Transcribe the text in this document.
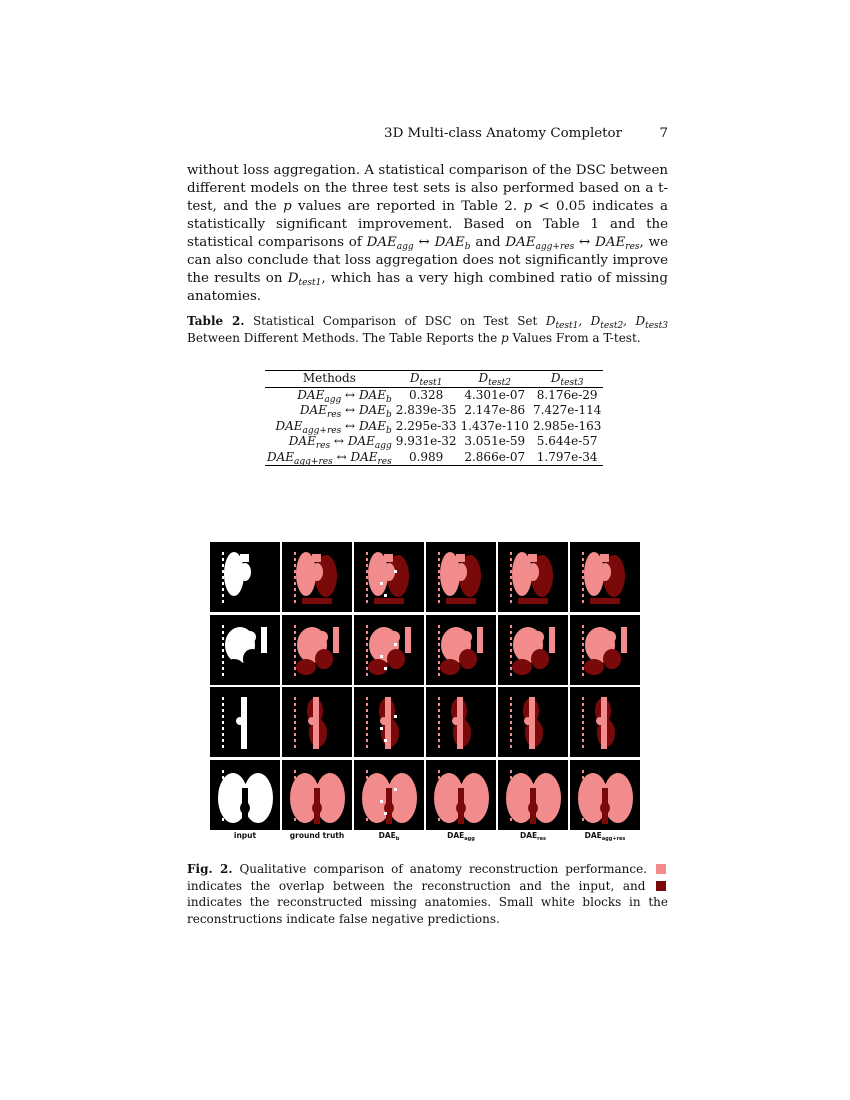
3D Multi-class Anatomy Completor	7
without loss aggregation. A statistical comparison of the DSC between different models on the three test sets is also performed based on a t-test, and the p values are reported in Table 2. p < 0.05 indicates a statistically significant improvement. Based on Table 1 and the statistical comparisons of $DAE_{agg}$ ↔ $DAE_b$ and $DAE_{agg+res}$ ↔ $DAE_{res}$, we can also conclude that loss aggregation does not significantly improve the results on $D_{test1}$, which has a very high combined ratio of missing anatomies.
Table 2. Statistical Comparison of DSC on Test Set $D_{test1}$, $D_{test2}$, $D_{test3}$ Between Different Methods. The Table Reports the p Values From a T-test.
Methods	$D_{test1}$	$D_{test2}$	$D_{test3}$
$DAE_{agg}$ ↔ $DAE_b$	0.328	4.301e-07	8.176e-29
$DAE_{res}$ ↔ $DAE_b$	2.839e-35	2.147e-86	7.427e-114
$DAE_{agg+res}$ ↔ $DAE_b$	2.295e-33	1.437e-110	2.985e-163
$DAE_{res}$ ↔ $DAE_{agg}$	9.931e-32	3.051e-59	5.644e-57
$DAE_{agg+res}$ ↔ $DAE_{res}$	0.989	2.866e-07	1.797e-34
input	ground truth	$DAE_b$	$DAE_{agg}$	$DAE_{res}$	$DAE_{agg+res}$
Fig. 2. Qualitative comparison of anatomy reconstruction performance.  indicates the overlap between the reconstruction and the input, and  indicates the reconstructed missing anatomies. Small white blocks in the reconstructions indicate false negative predictions.
